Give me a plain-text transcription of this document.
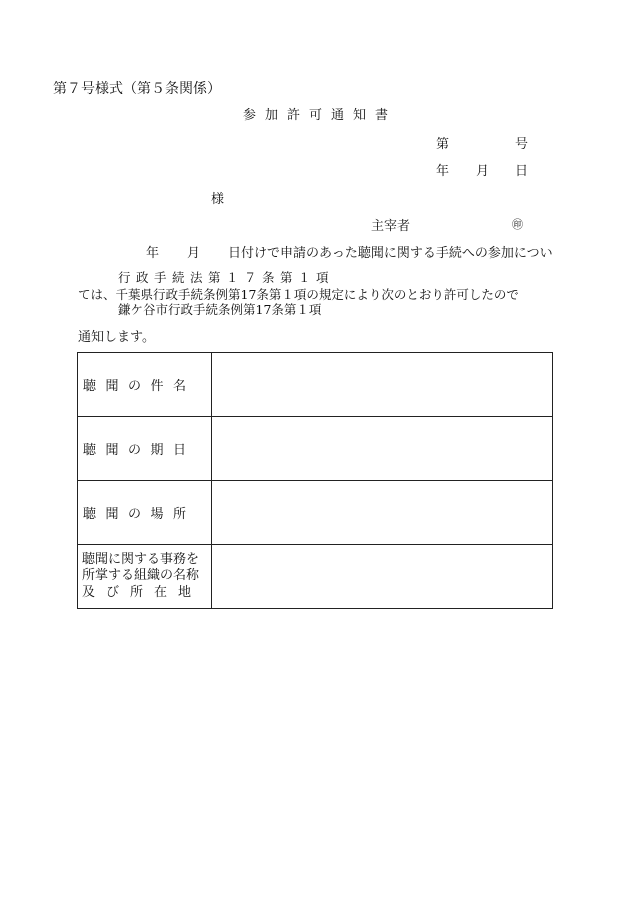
第７号様式（第５条関係）
参加許可通知書
第	号
年 月 日
様
主宰者	㊞
年 月 日付けで申請のあった聴聞に関する手続への参加につい
行政手続法第１７条第１項
ては、千葉県行政手続条例第17条第１項の規定により次のとおり許可したので
鎌ケ谷市行政手続条例第17条第１項
通知します。
聴聞の件名	
聴聞の期日	
聴聞の場所	
聴聞に関する事務を
所掌する組織の名称
及び所在地	
